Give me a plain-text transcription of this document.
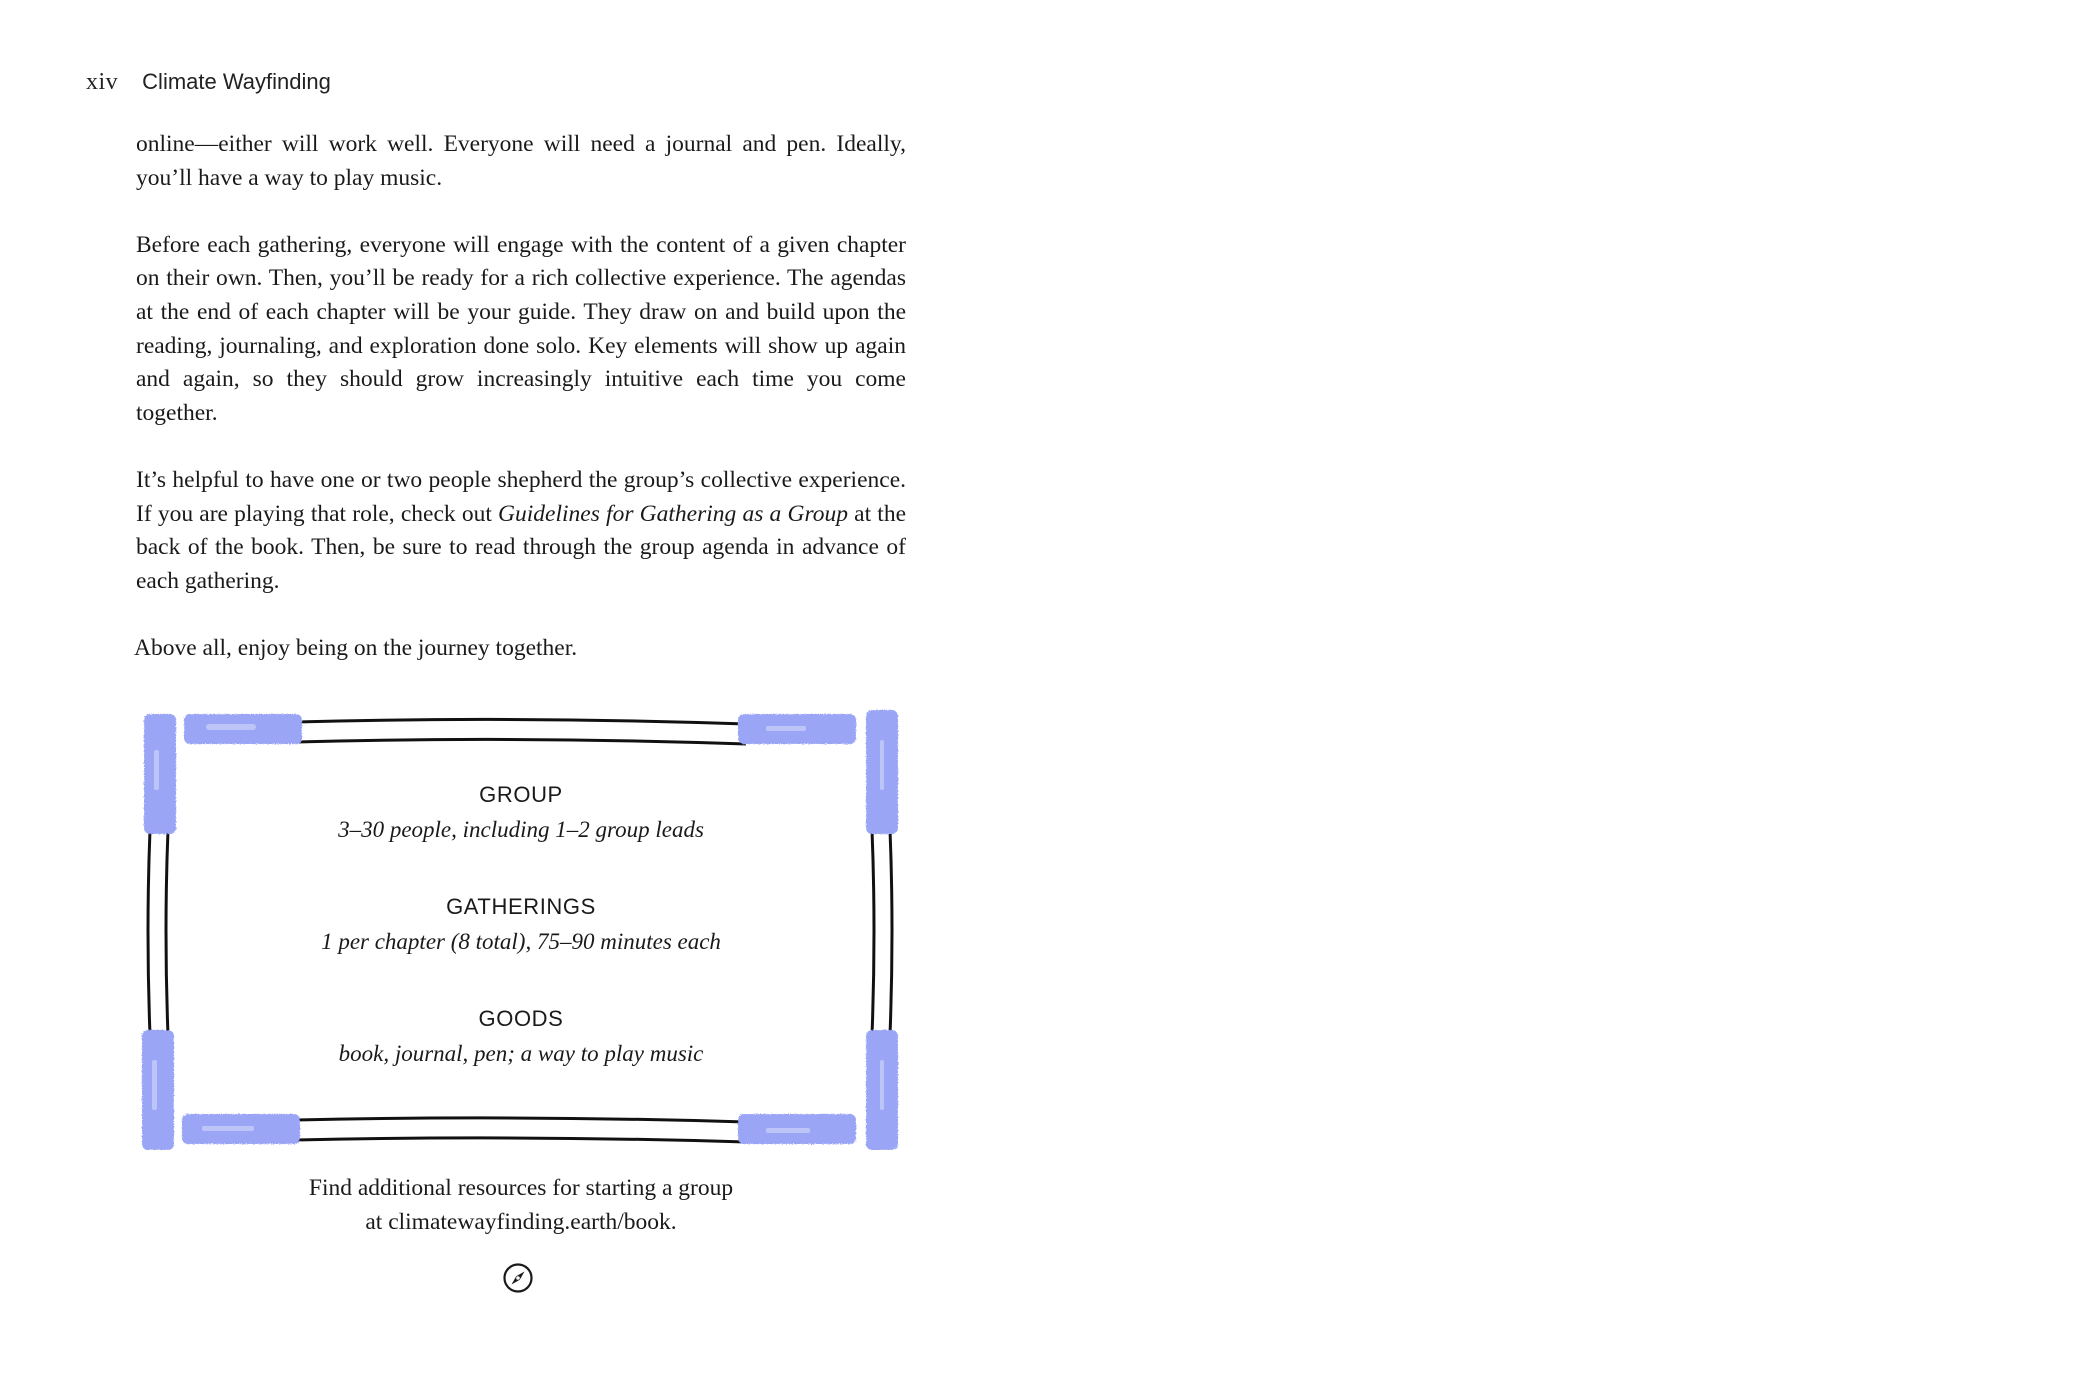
xiv Climate Wayfinding

online—either will work well. Everyone will need a journal and pen. Ideally, you’ll have a way to play music.

Before each gathering, everyone will engage with the content of a given chapter on their own. Then, you’ll be ready for a rich collective experience. The agendas at the end of each chapter will be your guide. They draw on and build upon the reading, journaling, and exploration done solo. Key elements will show up again and again, so they should grow increasingly intuitive each time you come together.

It’s helpful to have one or two people shepherd the group’s collective experience. If you are playing that role, check out Guidelines for Gathering as a Group at the back of the book. Then, be sure to read through the group agenda in advance of each gathering.

Above all, enjoy being on the journey together.

GROUP
3–30 people, including 1–2 group leads
GATHERINGS
1 per chapter (8 total), 75–90 minutes each
GOODS
book, journal, pen; a way to play music
Find additional resources for starting a group
at climatewayfinding.earth/book.
